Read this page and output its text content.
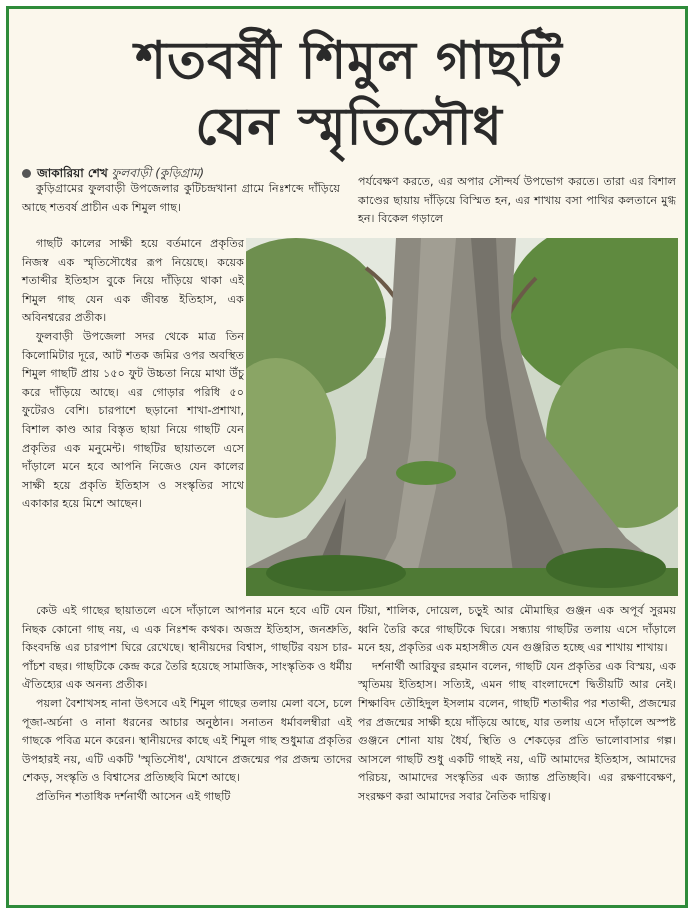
শতবর্ষী শিমুল গাছটি
যেন স্মৃতিসৌধ
জাকারিয়া শেখ ফুলবাড়ী (কুড়িগ্রাম)

কুড়িগ্রামের ফুলবাড়ী উপজেলার কুটিচন্দ্রখানা গ্রামে নিঃশব্দে দাঁড়িয়ে আছে শতবর্ষ প্রাচীন এক শিমুল গাছ।

গাছটি কালের সাক্ষী হয়ে বর্তমানে প্রকৃতির নিজস্ব এক স্মৃতিসৌধের রূপ নিয়েছে। কয়েক শতাব্দীর ইতিহাস বুকে নিয়ে দাঁড়িয়ে থাকা এই শিমুল গাছ যেন এক জীবন্ত ইতিহাস, এক অবিনশ্বরের প্রতীক।

ফুলবাড়ী উপজেলা সদর থেকে মাত্র তিন কিলোমিটার দূরে, আট শতক জমির ওপর অবস্থিত শিমুল গাছটি প্রায় ১৫০ ফুট উচ্চতা নিয়ে মাথা উঁচু করে দাঁড়িয়ে আছে। এর গোড়ার পরিধি ৫০ ফুটেরও বেশি। চারপাশে ছড়ানো শাখা-প্রশাখা, বিশাল কাণ্ড আর বিস্তৃত ছায়া নিয়ে গাছটি যেন প্রকৃতির এক মনুমেন্ট। গাছটির ছায়াতলে এসে দাঁড়ালে মনে হবে আপনি নিজেও যেন কালের সাক্ষী হয়ে প্রকৃতি ইতিহাস ও সংস্কৃতির সাথে একাকার হয়ে মিশে আছেন।

কেউ এই গাছের ছায়াতলে এসে দাঁড়ালে আপনার মনে হবে এটি যেন নিছক কোনো গাছ নয়, এ এক নিঃশব্দ কথক। অজস্র ইতিহাস, জনশ্রুতি, কিংবদন্তি এর চারপাশ ঘিরে রেখেছে। স্থানীয়দের বিশ্বাস, গাছটির বয়স চার-পাঁচশ বছর। গাছটিকে কেন্দ্র করে তৈরি হয়েছে সামাজিক, সাংস্কৃতিক ও ধর্মীয় ঐতিহ্যের এক অনন্য প্রতীক।

পয়লা বৈশাখসহ নানা উৎসবে এই শিমুল গাছের তলায় মেলা বসে, চলে পূজা-অর্চনা ও নানা ধরনের আচার অনুষ্ঠান। সনাতন ধর্মাবলম্বীরা এই গাছকে পবিত্র মনে করেন। স্থানীয়দের কাছে এই শিমুল গাছ শুধুমাত্র প্রকৃতির উপহারই নয়, এটি একটি 'স্মৃতিসৌধ', যেখানে প্রজন্মের পর প্রজন্ম তাদের শেকড়, সংস্কৃতি ও বিশ্বাসের প্রতিচ্ছবি মিশে আছে।

প্রতিদিন শতাধিক দর্শনার্থী আসেন এই গাছটি

পর্যবেক্ষণ করতে, এর অপার সৌন্দর্য উপভোগ করতে। তারা এর বিশাল কাণ্ডের ছায়ায় দাঁড়িয়ে বিস্মিত হন, এর শাখায় বসা পাখির কলতানে মুগ্ধ হন। বিকেল গড়ালে

টিয়া, শালিক, দোয়েল, চড়ুই আর মৌমাছির গুঞ্জন এক অপূর্ব সুরময় ধ্বনি তৈরি করে গাছটিকে ঘিরে। সন্ধ্যায় গাছটির তলায় এসে দাঁড়ালে মনে হয়, প্রকৃতির এক মহাসঙ্গীত যেন গুঞ্জরিত হচ্ছে এর শাখায় শাখায়।

দর্শনার্থী আরিফুর রহমান বলেন, গাছটি যেন প্রকৃতির এক বিস্ময়, এক স্মৃতিময় ইতিহাস। সত্যিই, এমন গাছ বাংলাদেশে দ্বিতীয়টি আর নেই। শিক্ষাবিদ তৌহিদুল ইসলাম বলেন, গাছটি শতাব্দীর পর শতাব্দী, প্রজন্মের পর প্রজন্মের সাক্ষী হয়ে দাঁড়িয়ে আছে, যার তলায় এসে দাঁড়ালে অস্পষ্ট গুঞ্জনে শোনা যায় ধৈর্য, স্থিতি ও শেকড়ের প্রতি ভালোবাসার গল্প। আসলে গাছটি শুধু একটি গাছই নয়, এটি আমাদের ইতিহাস, আমাদের পরিচয়, আমাদের সংস্কৃতির এক জ্যান্ত প্রতিচ্ছবি। এর রক্ষণাবেক্ষণ, সংরক্ষণ করা আমাদের সবার নৈতিক দায়িত্ব।
